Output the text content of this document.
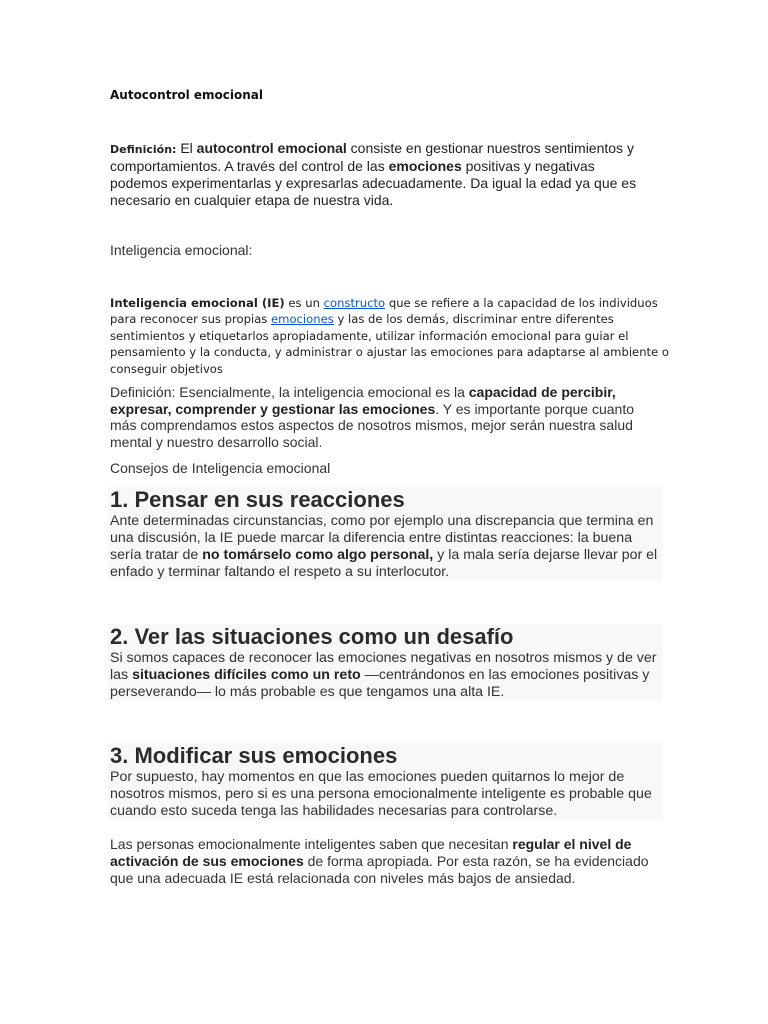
Autocontrol emocional

Definición: El autocontrol emocional consiste en gestionar nuestros sentimientos y comportamientos. A través del control de las emociones positivas y negativas podemos experimentarlas y expresarlas adecuadamente. Da igual la edad ya que es necesario en cualquier etapa de nuestra vida.

Inteligencia emocional:

Inteligencia emocional (IE) es un constructo que se refiere a la capacidad de los individuos para reconocer sus propias emociones y las de los demás, discriminar entre diferentes sentimientos y etiquetarlos apropiadamente, utilizar información emocional para guiar el pensamiento y la conducta, y administrar o ajustar las emociones para adaptarse al ambiente o conseguir objetivos

Definición: Esencialmente, la inteligencia emocional es la capacidad de percibir, expresar, comprender y gestionar las emociones. Y es importante porque cuanto más comprendamos estos aspectos de nosotros mismos, mejor serán nuestra salud mental y nuestro desarrollo social.

Consejos de Inteligencia emocional
1. Pensar en sus reacciones

Ante determinadas circunstancias, como por ejemplo una discrepancia que termina en una discusión, la IE puede marcar la diferencia entre distintas reacciones: la buena sería tratar de no tomárselo como algo personal, y la mala sería dejarse llevar por el enfado y terminar faltando el respeto a su interlocutor.

2. Ver las situaciones como un desafío

Si somos capaces de reconocer las emociones negativas en nosotros mismos y de ver las situaciones difíciles como un reto —centrándonos en las emociones positivas y perseverando— lo más probable es que tengamos una alta IE.

3. Modificar sus emociones

Por supuesto, hay momentos en que las emociones pueden quitarnos lo mejor de nosotros mismos, pero si es una persona emocionalmente inteligente es probable que cuando esto suceda tenga las habilidades necesarias para controlarse.

Las personas emocionalmente inteligentes saben que necesitan regular el nivel de activación de sus emociones de forma apropiada. Por esta razón, se ha evidenciado que una adecuada IE está relacionada con niveles más bajos de ansiedad.
